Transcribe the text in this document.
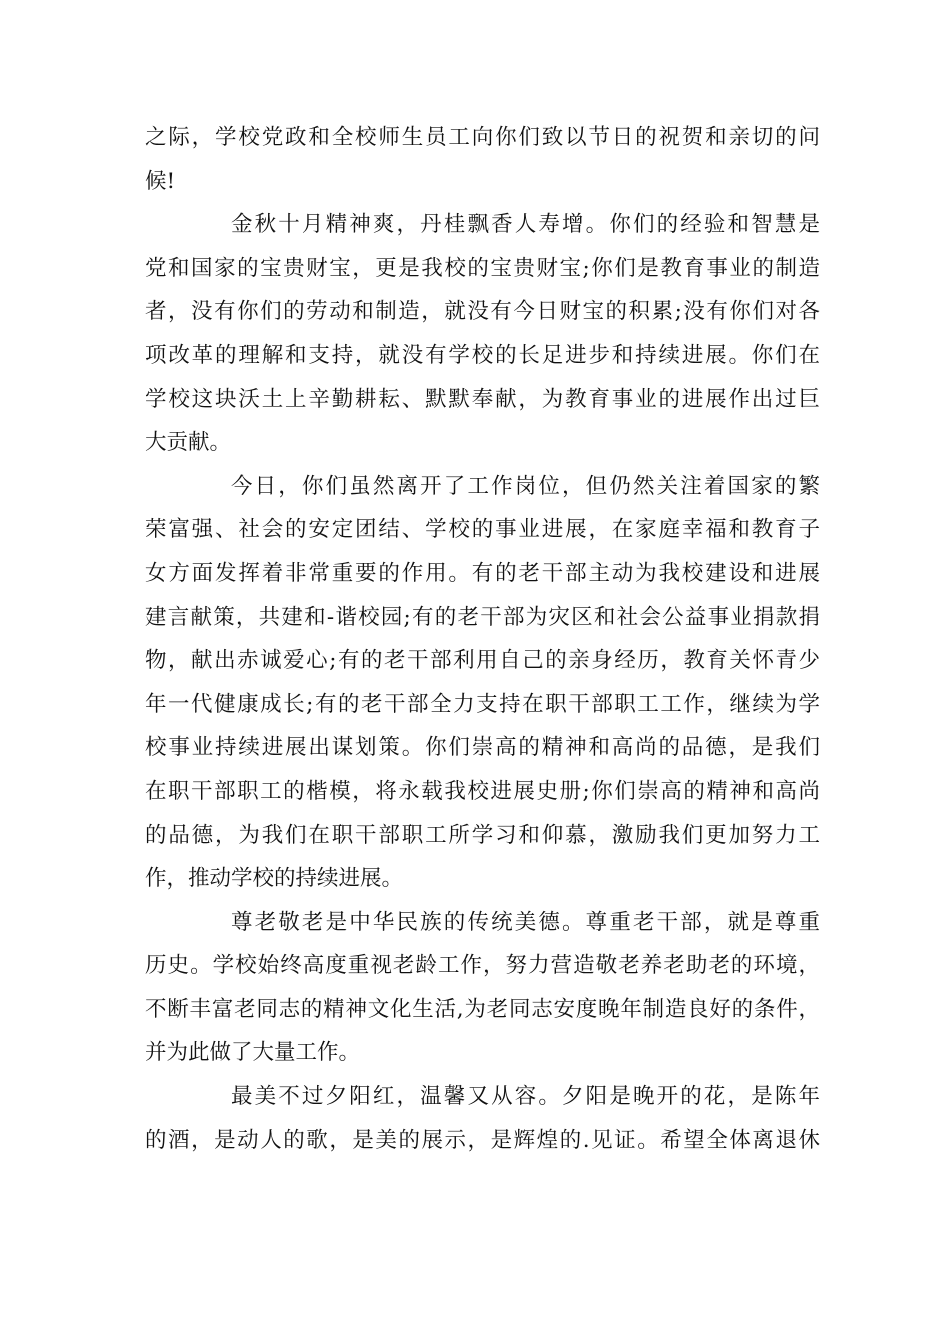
之际，学校党政和全校师生员工向你们致以节日的祝贺和亲切的问
候!
金秋十月精神爽，丹桂飘香人寿增。你们的经验和智慧是
党和国家的宝贵财宝，更是我校的宝贵财宝;你们是教育事业的制造
者，没有你们的劳动和制造，就没有今日财宝的积累;没有你们对各
项改革的理解和支持，就没有学校的长足进步和持续进展。你们在
学校这块沃土上辛勤耕耘、默默奉献，为教育事业的进展作出过巨
大贡献。
今日，你们虽然离开了工作岗位，但仍然关注着国家的繁
荣富强、社会的安定团结、学校的事业进展，在家庭幸福和教育子
女方面发挥着非常重要的作用。有的老干部主动为我校建设和进展
建言献策，共建和-谐校园;有的老干部为灾区和社会公益事业捐款捐
物，献出赤诚爱心;有的老干部利用自己的亲身经历，教育关怀青少
年一代健康成长;有的老干部全力支持在职干部职工工作，继续为学
校事业持续进展出谋划策。你们崇高的精神和高尚的品德，是我们
在职干部职工的楷模，将永载我校进展史册;你们崇高的精神和高尚
的品德，为我们在职干部职工所学习和仰慕，激励我们更加努力工
作，推动学校的持续进展。
尊老敬老是中华民族的传统美德。尊重老干部，就是尊重
历史。学校始终高度重视老龄工作，努力营造敬老养老助老的环境，
不断丰富老同志的精神文化生活,为老同志安度晚年制造良好的条件，
并为此做了大量工作。
最美不过夕阳红，温馨又从容。夕阳是晚开的花，是陈年
的酒，是动人的歌，是美的展示，是辉煌的.见证。希望全体离退休
